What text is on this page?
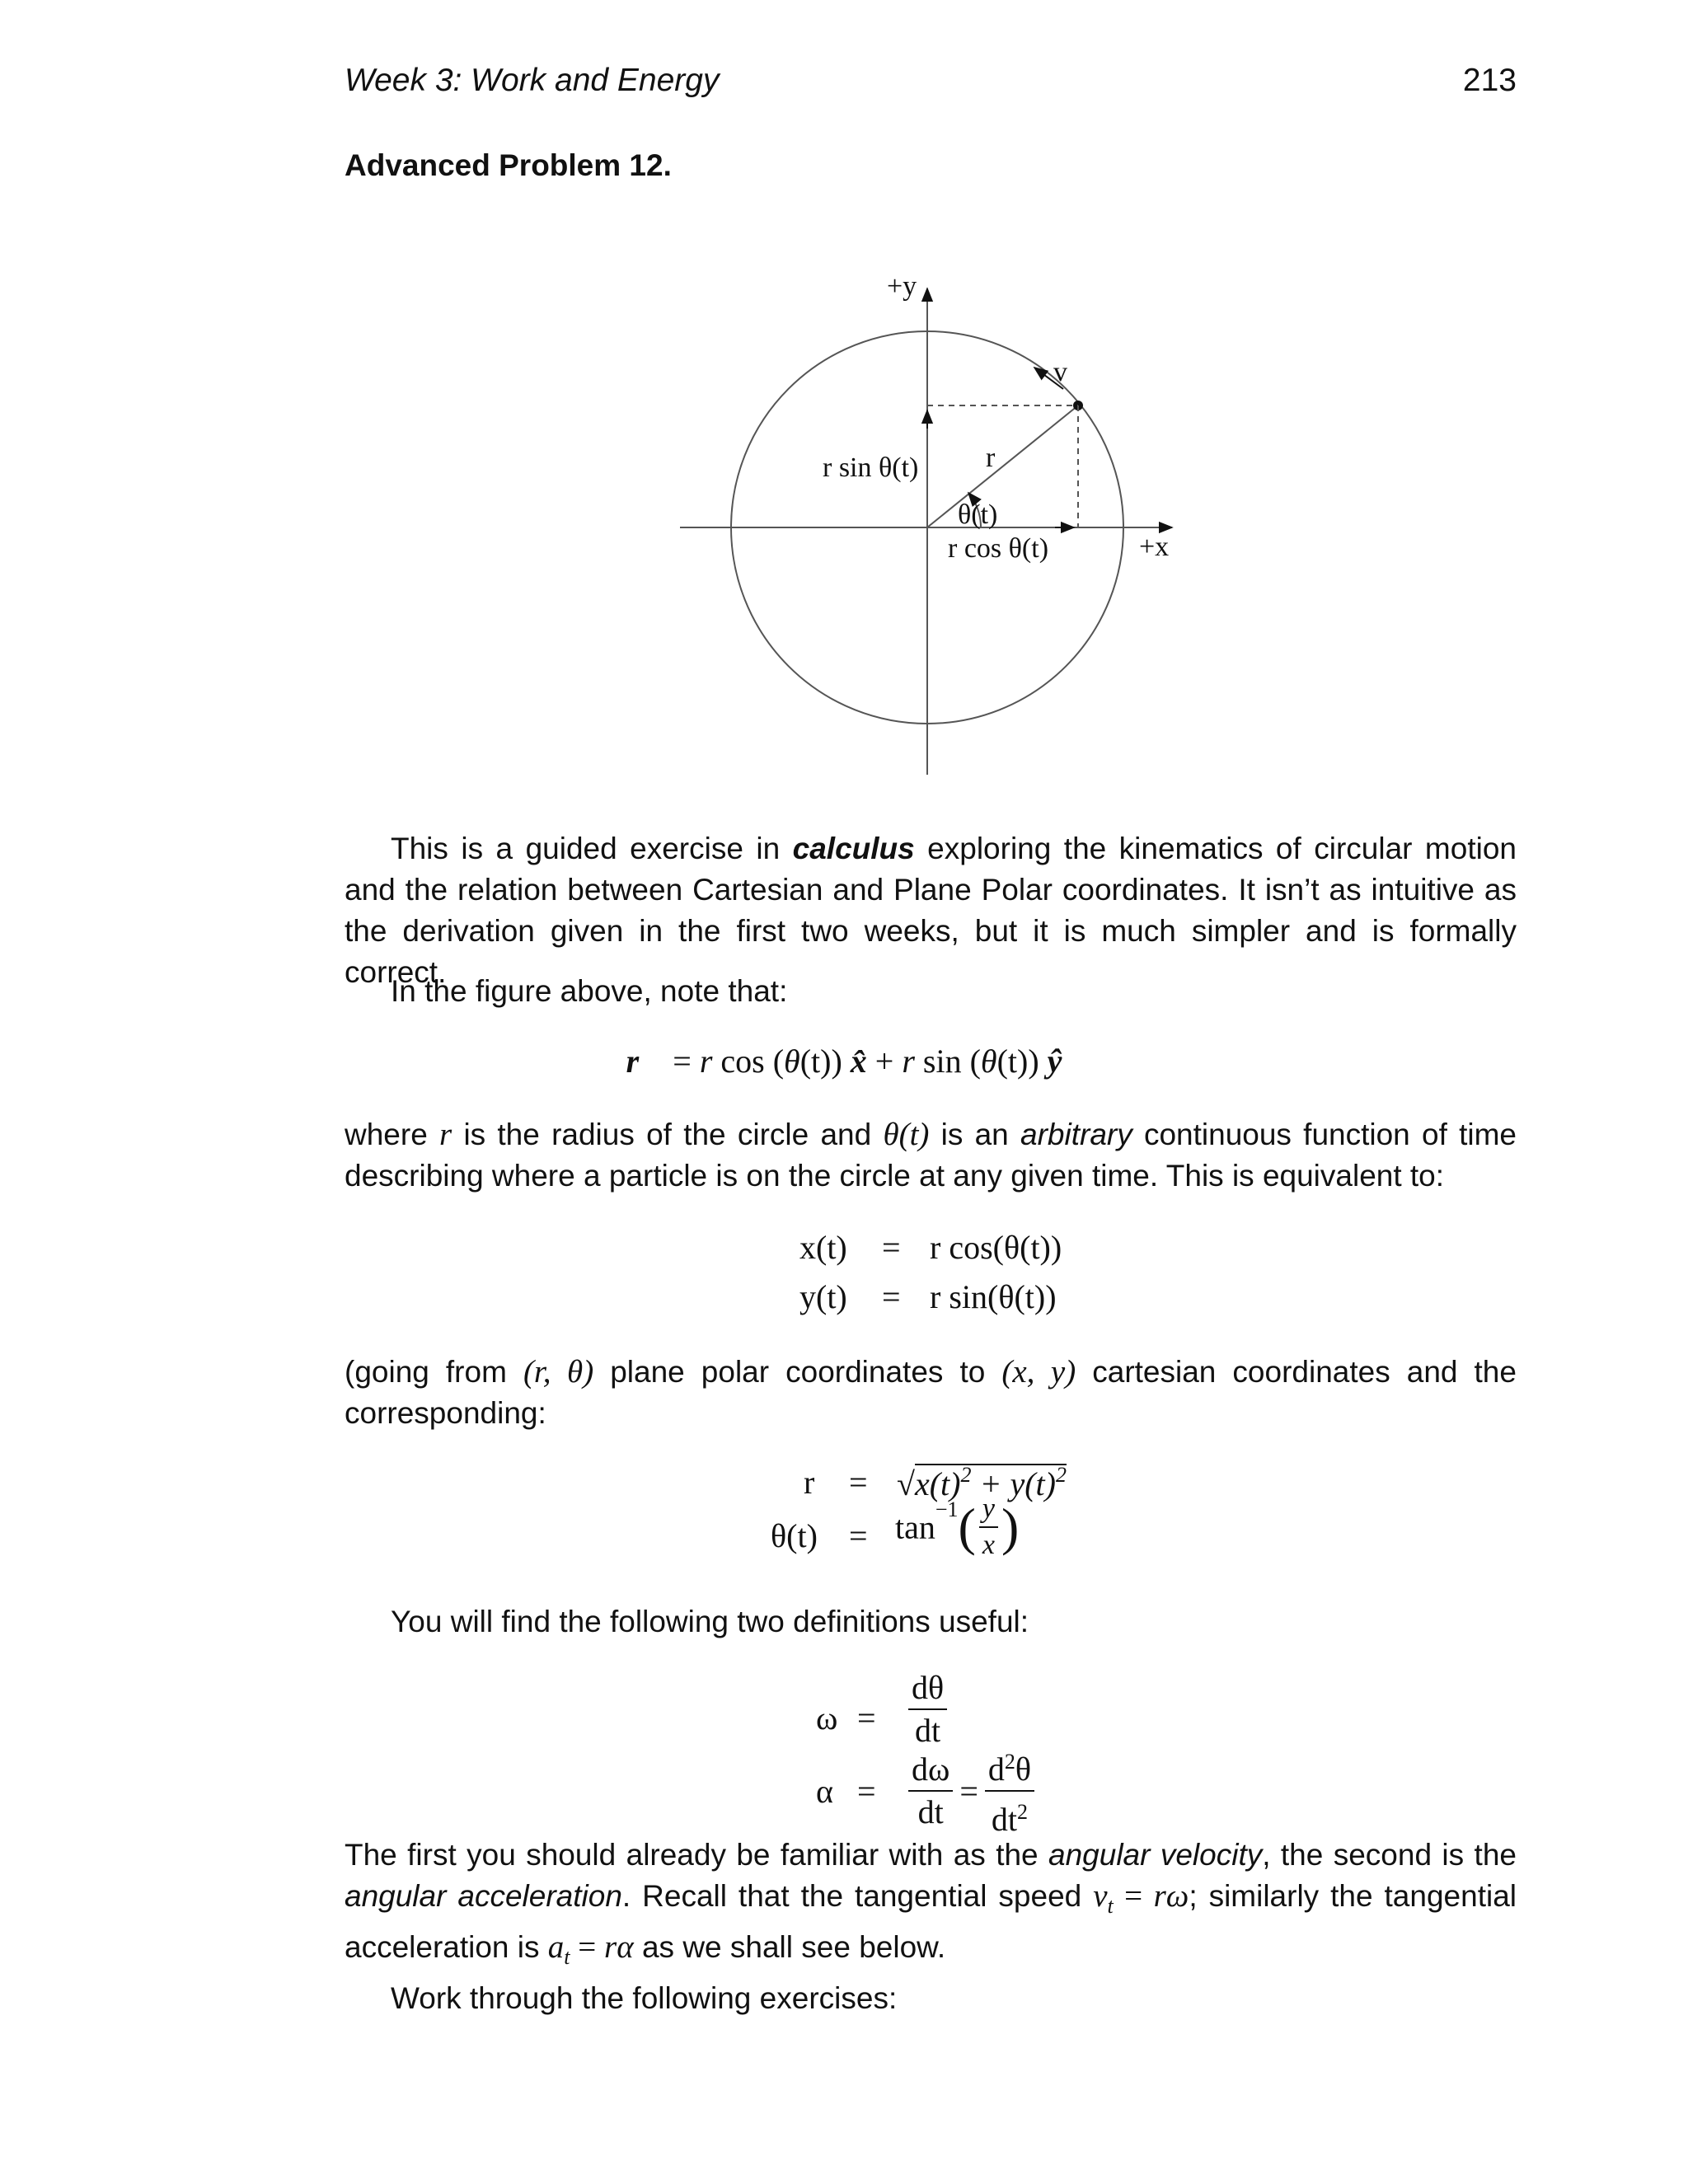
Week 3: Work and Energy	213
Advanced Problem 12.
+y
v
r
r sin θ(t)
θ(t)
r cos θ(t)	+x

This is a guided exercise in calculus exploring the kinematics of circular motion and the relation between Cartesian and Plane Polar coordinates. It isn’t as intuitive as the derivation given in the first two weeks, but it is much simpler and is formally correct.

In the figure above, note that:

r⃗ = r cos (θ(t)) x̂ + r sin (θ(t)) ŷ

where r is the radius of the circle and θ(t) is an arbitrary continuous function of time describing where a particle is on the circle at any given time. This is equivalent to:

x(t) = r cos(θ(t))
y(t) = r sin(θ(t))

(going from (r, θ) plane polar coordinates to (x, y) cartesian coordinates and the corresponding:

$r = √x(t)^2 + y(t)^2$
$\theta(t) = \tan^{-1}( \frac{y}{x}$ )

You will find the following two definitions useful:

$\omega = \frac{d\theta}{dt}$
$\alpha = \frac{d\omega}{dt} = \frac{d^2\theta}{dt^2}$

The first you should already be familiar with as the angular velocity, the second is the angular acceleration. Recall that the tangential speed $v_t = r\omega$; similarly the tangential acceleration is $a_t = r\alpha$ as we shall see below.

Work through the following exercises:
